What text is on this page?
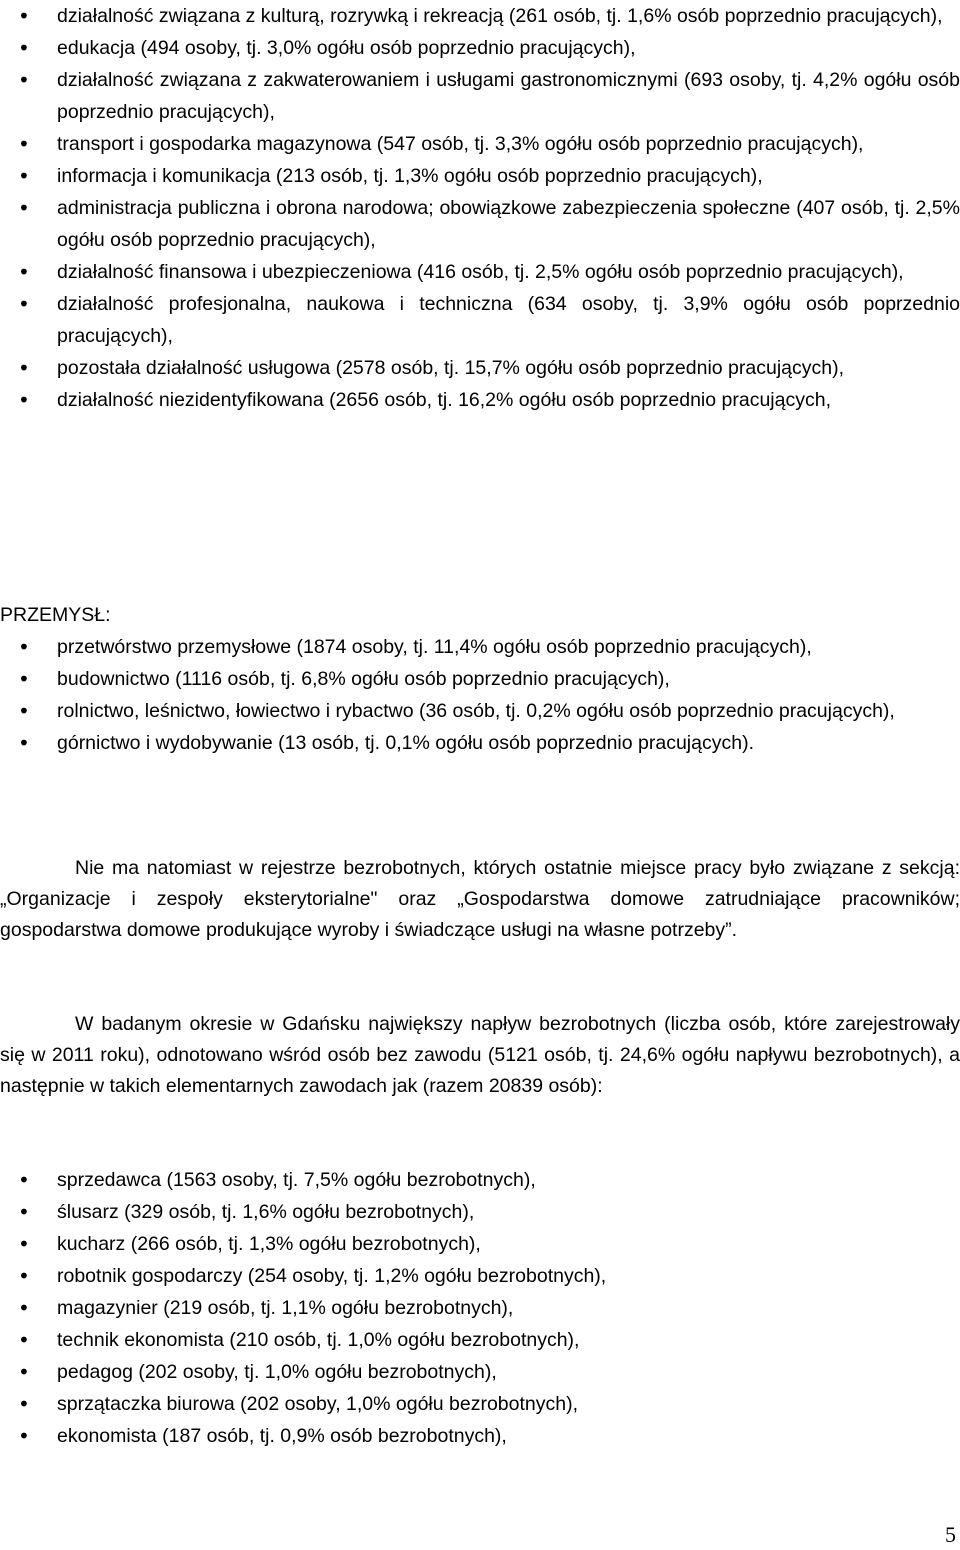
• działalność związana z kulturą, rozrywką i rekreacją (261 osób, tj. 1,6% osób poprzednio pracujących),
• edukacja (494 osoby, tj. 3,0% ogółu osób poprzednio pracujących),
• działalność związana z zakwaterowaniem i usługami gastronomicznymi (693 osoby, tj. 4,2% ogółu osób poprzednio pracujących),
• transport i gospodarka magazynowa (547 osób, tj. 3,3% ogółu osób poprzednio pracujących),
• informacja i komunikacja (213 osób, tj. 1,3% ogółu osób poprzednio pracujących),
• administracja publiczna i obrona narodowa; obowiązkowe zabezpieczenia społeczne (407 osób, tj. 2,5% ogółu osób poprzednio pracujących),
• działalność finansowa i ubezpieczeniowa (416 osób, tj. 2,5% ogółu osób poprzednio pracujących),
• działalność profesjonalna, naukowa i techniczna (634 osoby, tj. 3,9% ogółu osób poprzednio pracujących),
• pozostała działalność usługowa (2578 osób, tj. 15,7% ogółu osób poprzednio pracujących),
• działalność niezidentyfikowana (2656 osób, tj. 16,2% ogółu osób poprzednio pracujących,
PRZEMYSŁ:
• przetwórstwo przemysłowe (1874 osoby, tj. 11,4% ogółu osób poprzednio pracujących),
• budownictwo (1116 osób, tj. 6,8% ogółu osób poprzednio pracujących),
• rolnictwo, leśnictwo, łowiectwo i rybactwo (36 osób, tj. 0,2% ogółu osób poprzednio pracujących),
• górnictwo i wydobywanie (13 osób, tj. 0,1% ogółu osób poprzednio pracujących).

Nie ma natomiast w rejestrze bezrobotnych, których ostatnie miejsce pracy było związane z sekcją: „Organizacje i zespoły eksterytorialne" oraz „Gospodarstwa domowe zatrudniające pracowników; gospodarstwa domowe produkujące wyroby i świadczące usługi na własne potrzeby”.

W badanym okresie w Gdańsku największy napływ bezrobotnych (liczba osób, które zarejestrowały się w 2011 roku), odnotowano wśród osób bez zawodu (5121 osób, tj. 24,6% ogółu napływu bezrobotnych), a następnie w takich elementarnych zawodach jak (razem 20839 osób):

• sprzedawca (1563 osoby, tj. 7,5% ogółu bezrobotnych),
• ślusarz (329 osób, tj. 1,6% ogółu bezrobotnych),
• kucharz (266 osób, tj. 1,3% ogółu bezrobotnych),
• robotnik gospodarczy (254 osoby, tj. 1,2% ogółu bezrobotnych),
• magazynier (219 osób, tj. 1,1% ogółu bezrobotnych),
• technik ekonomista (210 osób, tj. 1,0% ogółu bezrobotnych),
• pedagog (202 osoby, tj. 1,0% ogółu bezrobotnych),
• sprzątaczka biurowa (202 osoby, 1,0% ogółu bezrobotnych),
• ekonomista (187 osób, tj. 0,9% osób bezrobotnych),
5
